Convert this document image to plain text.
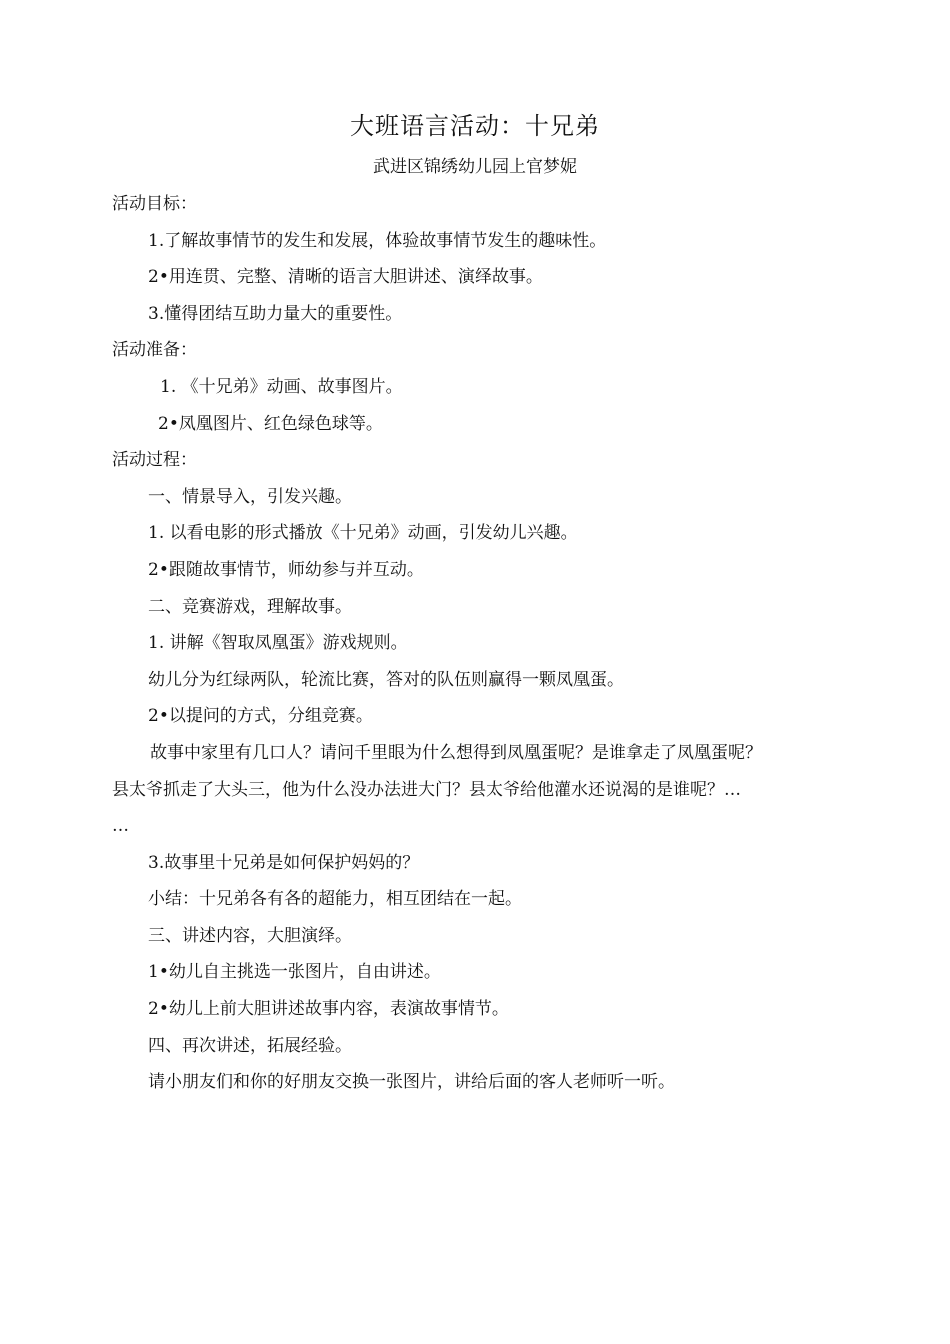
大班语言活动：十兄弟
武进区锦绣幼儿园上官梦妮
活动目标：
1.了解故事情节的发生和发展，体验故事情节发生的趣味性。
2•用连贯、完整、清晰的语言大胆讲述、演绎故事。
3.懂得团结互助力量大的重要性。
活动准备：
1. 《十兄弟》动画、故事图片。
2•凤凰图片、红色绿色球等。
活动过程：
一、情景导入，引发兴趣。
1. 以看电影的形式播放《十兄弟》动画，引发幼儿兴趣。
2•跟随故事情节，师幼参与并互动。
二、竞赛游戏，理解故事。
1. 讲解《智取凤凰蛋》游戏规则。
幼儿分为红绿两队，轮流比赛，答对的队伍则赢得一颗凤凰蛋。
2•以提问的方式，分组竞赛。
故事中家里有几口人？请问千里眼为什么想得到凤凰蛋呢？是谁拿走了凤凰蛋呢？
县太爷抓走了大头三，他为什么没办法进大门？县太爷给他灌水还说渴的是谁呢？…
…
3.故事里十兄弟是如何保护妈妈的？
小结：十兄弟各有各的超能力，相互团结在一起。
三、讲述内容，大胆演绎。
1•幼儿自主挑选一张图片，自由讲述。
2•幼儿上前大胆讲述故事内容，表演故事情节。
四、再次讲述，拓展经验。
请小朋友们和你的好朋友交换一张图片，讲给后面的客人老师听一听。
